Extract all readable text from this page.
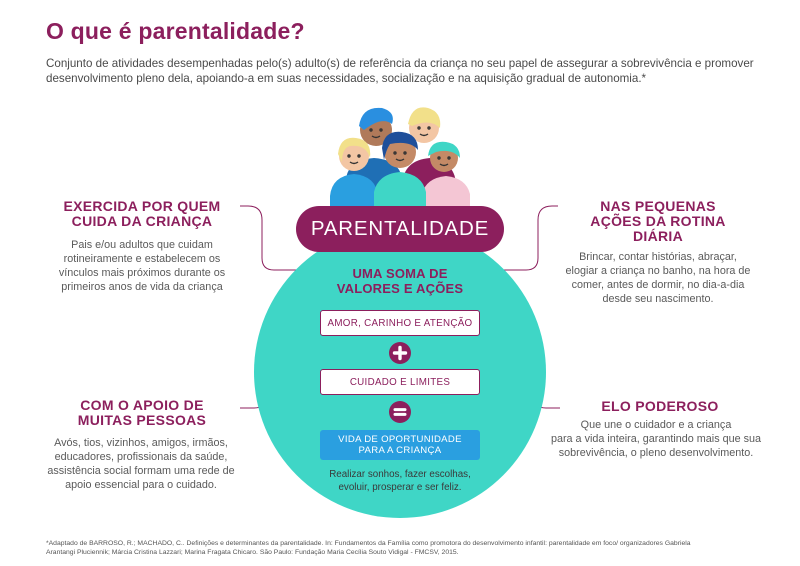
O que é parentalidade?
Conjunto de atividades desempenhadas pelo(s) adulto(s) de referência da criança no seu papel de assegurar a sobrevivência e promover desenvolvimento pleno dela, apoiando-a em suas necessidades, socialização e na aquisição gradual de autonomia.*
PARENTALIDADE
UMA SOMA DE
VALORES E AÇÕES
AMOR, CARINHO E ATENÇÃO
CUIDADO E LIMITES
VIDA DE OPORTUNIDADE
PARA A CRIANÇA
Realizar sonhos, fazer escolhas,
evoluir, prosperar e ser feliz.
EXERCIDA POR QUEM
CUIDA DA CRIANÇA
Pais e/ou adultos que cuidam
rotineiramente e estabelecem os
vínculos mais próximos durante os
primeiros anos de vida da criança
NAS PEQUENAS
AÇÕES DA ROTINA
DIÁRIA
Brincar, contar histórias, abraçar,
elogiar a criança no banho, na hora de
comer, antes de dormir, no dia-a-dia
desde seu nascimento.
COM O APOIO DE
MUITAS PESSOAS
Avós, tios, vizinhos, amigos, irmãos,
educadores, profissionais da saúde,
assistência social formam uma rede de
apoio essencial para o cuidado.
ELO PODEROSO
Que une o cuidador e a criança
para a vida inteira, garantindo mais que sua
sobrevivência, o pleno desenvolvimento.
*Adaptado de BARROSO, R.; MACHADO, C.. Definições e determinantes da parentalidade. In: Fundamentos da Família como promotora do desenvolvimento infantil: parentalidade em foco/ organizadores Gabriela
Arantangi Pluciennik; Márcia Cristina Lazzari; Marina Fragata Chicaro. São Paulo: Fundação Maria Cecília Souto Vidigal - FMCSV, 2015.
